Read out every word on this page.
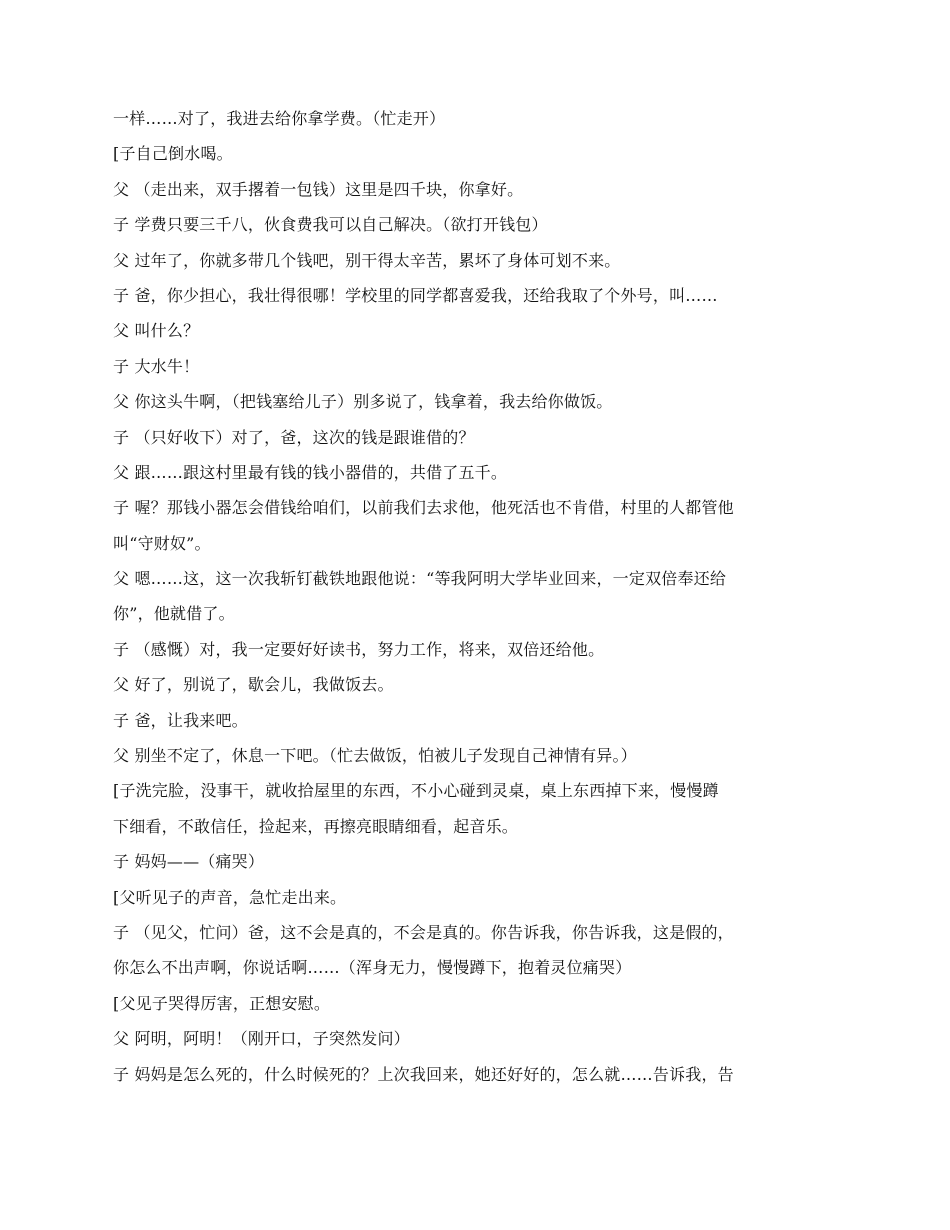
一样……对了，我进去给你拿学费。（忙走开）
[子自己倒水喝。
父 （走出来，双手撂着一包钱）这里是四千块，你拿好。
子 学费只要三千八，伙食费我可以自己解决。（欲打开钱包）
父 过年了，你就多带几个钱吧，别干得太辛苦，累坏了身体可划不来。
子 爸，你少担心，我壮得很哪！学校里的同学都喜爱我，还给我取了个外号，叫……
父 叫什么？
子 大水牛！
父 你这头牛啊，（把钱塞给儿子）别多说了，钱拿着，我去给你做饭。
子 （只好收下）对了，爸，这次的钱是跟谁借的？
父 跟……跟这村里最有钱的钱小器借的，共借了五千。
子 喔？那钱小器怎会借钱给咱们，以前我们去求他，他死活也不肯借，村里的人都管他
叫“守财奴”。
父 嗯……这，这一次我斩钉截铁地跟他说：“等我阿明大学毕业回来，一定双倍奉还给
你”，他就借了。
子 （感慨）对，我一定要好好读书，努力工作，将来，双倍还给他。
父 好了，别说了，歇会儿，我做饭去。
子 爸，让我来吧。
父 别坐不定了，休息一下吧。（忙去做饭，怕被儿子发现自己神情有异。）
[子洗完脸，没事干，就收拾屋里的东西，不小心碰到灵桌，桌上东西掉下来，慢慢蹲
下细看，不敢信任，捡起来，再擦亮眼睛细看，起音乐。
子 妈妈——（痛哭）
[父听见子的声音，急忙走出来。
子 （见父，忙问）爸，这不会是真的，不会是真的。你告诉我，你告诉我，这是假的，
你怎么不出声啊，你说话啊……（浑身无力，慢慢蹲下，抱着灵位痛哭）
[父见子哭得厉害，正想安慰。
父 阿明，阿明！（刚开口，子突然发问）
子 妈妈是怎么死的，什么时候死的？上次我回来，她还好好的，怎么就……告诉我，告
